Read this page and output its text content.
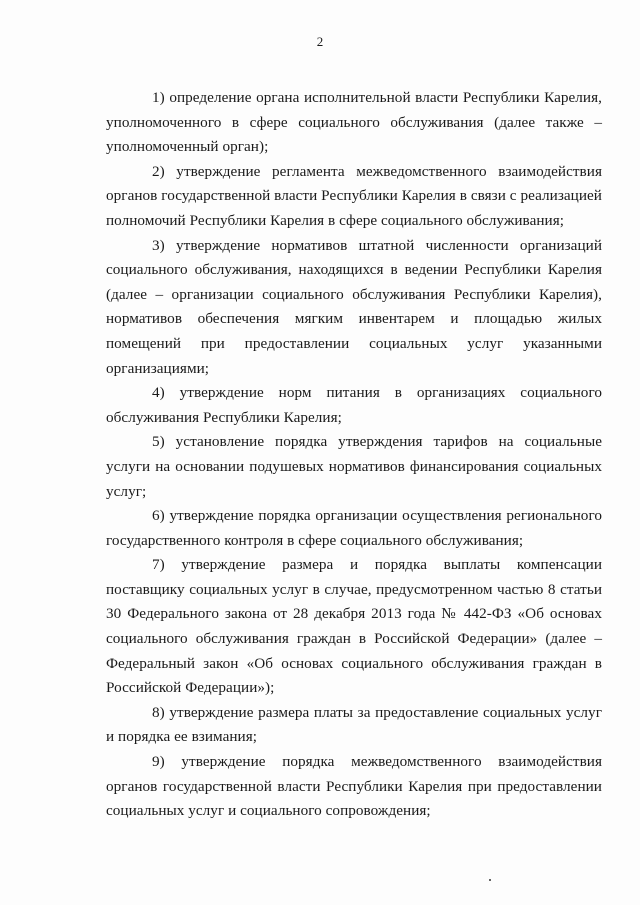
2

1) определение органа исполнительной власти Республики Карелия, уполномоченного в сфере социального обслуживания (далее также – уполномоченный орган);

2) утверждение регламента межведомственного взаимодействия органов государственной власти Республики Карелия в связи с реализацией полномочий Республики Карелия в сфере социального обслуживания;

3) утверждение нормативов штатной численности организаций социального обслуживания, находящихся в ведении Республики Карелия (далее – организации социального обслуживания Республики Карелия), нормативов обеспечения мягким инвентарем и площадью жилых помещений при предоставлении социальных услуг указанными организациями;

4) утверждение норм питания в организациях социального обслуживания Республики Карелия;

5) установление порядка утверждения тарифов на социальные услуги на основании подушевых нормативов финансирования социальных услуг;

6) утверждение порядка организации осуществления регионального государственного контроля в сфере социального обслуживания;

7) утверждение размера и порядка выплаты компенсации поставщику социальных услуг в случае, предусмотренном частью 8 статьи 30 Федерального закона от 28 декабря 2013 года № 442-ФЗ «Об основах социального обслуживания граждан в Российской Федерации» (далее – Федеральный закон «Об основах социального обслуживания граждан в Российской Федерации»);

8) утверждение размера платы за предоставление социальных услуг и порядка ее взимания;

9) утверждение порядка межведомственного взаимодействия органов государственной власти Республики Карелия при предоставлении социальных услуг и социального сопровождения;
